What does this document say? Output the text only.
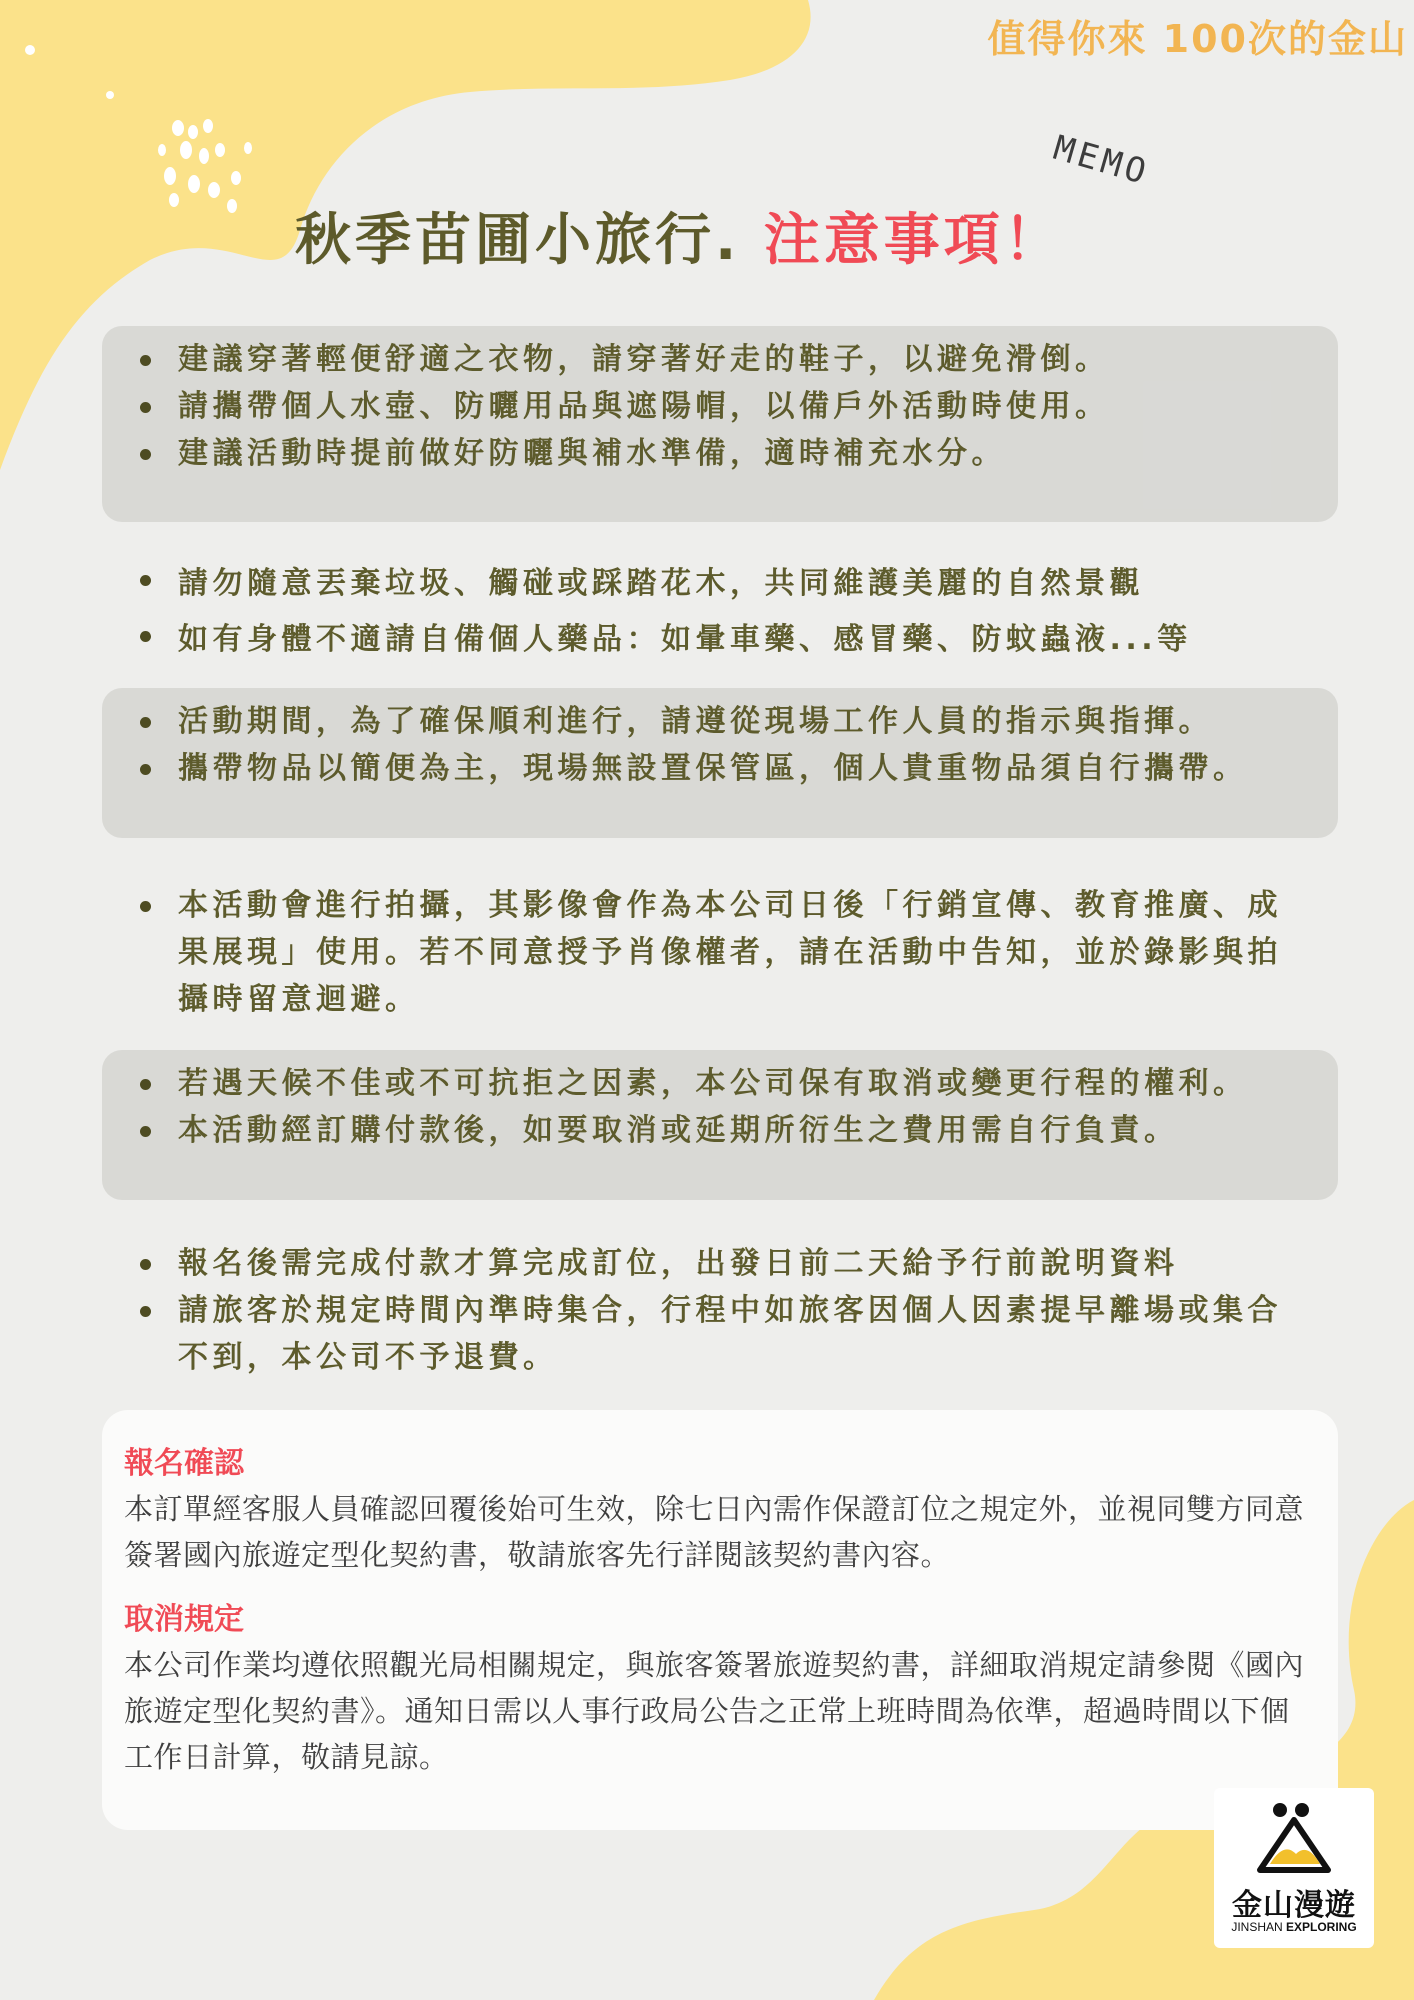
值得你來 100次的金山
MEMO
秋季苗圃小旅行. 注意事項！
建議穿著輕便舒適之衣物，請穿著好走的鞋子，以避免滑倒。
請攜帶個人水壺、防曬用品與遮陽帽，以備戶外活動時使用。
建議活動時提前做好防曬與補水準備，適時補充水分。
請勿隨意丟棄垃圾、觸碰或踩踏花木，共同維護美麗的自然景觀
如有身體不適請自備個人藥品：如暈車藥、感冒藥、防蚊蟲液...等
活動期間，為了確保順利進行，請遵從現場工作人員的指示與指揮。
攜帶物品以簡便為主，現場無設置保管區，個人貴重物品須自行攜帶。
本活動會進行拍攝，其影像會作為本公司日後「行銷宣傳、教育推廣、成果展現」使用。若不同意授予肖像權者，請在活動中告知，並於錄影與拍攝時留意迴避。
若遇天候不佳或不可抗拒之因素，本公司保有取消或變更行程的權利。
本活動經訂購付款後，如要取消或延期所衍生之費用需自行負責。
報名後需完成付款才算完成訂位，出發日前二天給予行前說明資料
請旅客於規定時間內準時集合，行程中如旅客因個人因素提早離場或集合不到，本公司不予退費。
報名確認

本訂單經客服人員確認回覆後始可生效，除七日內需作保證訂位之規定外，並視同雙方同意簽署國內旅遊定型化契約書，敬請旅客先行詳閱該契約書內容。

取消規定

本公司作業均遵依照觀光局相關規定，與旅客簽署旅遊契約書，詳細取消規定請參閱《國內旅遊定型化契約書》。通知日需以人事行政局公告之正常上班時間為依準，超過時間以下個工作日計算，敬請見諒。

金山漫遊
JINSHAN EXPLORING
